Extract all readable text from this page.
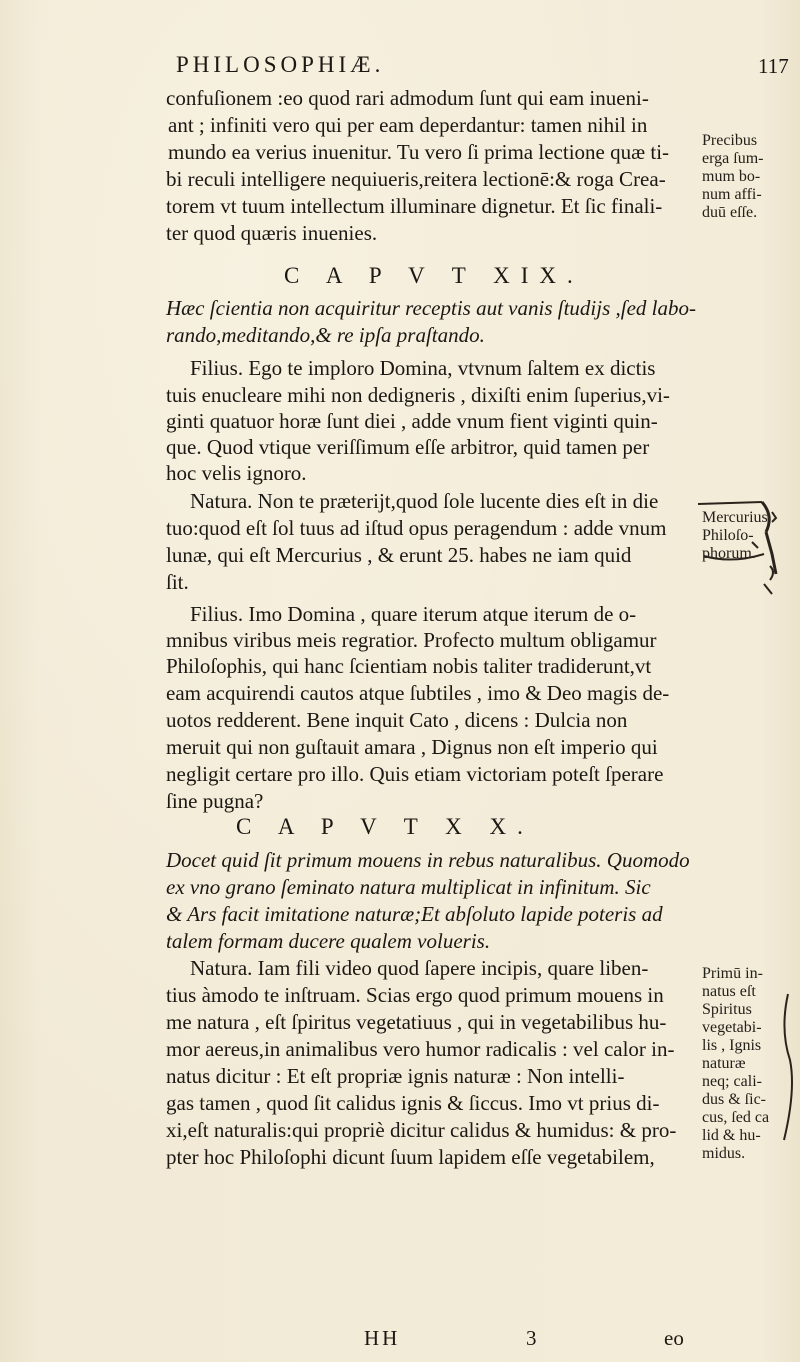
PHILOSOPHIÆ.	117
confuſionem :eo quod rari admodum ſunt qui eam inueni-
ant ; infiniti vero qui per eam deperdantur: tamen nihil in
mundo ea verius inuenitur. Tu vero ſi prima lectione quæ ti-
bi reculi intelligere nequiueris,reitera lectionē:& roga Crea-
torem vt tuum intellectum illuminare dignetur. Et ſic finali-
ter quod quæris inuenies.
C A P V T XIX.
Hæc ſcientia non acquiritur receptis aut vanis ſtudijs ,ſed labo-
rando,meditando,& re ipſa praſtando.
Filius. Ego te imploro Domina, vtvnum ſaltem ex dictis
tuis enucleare mihi non dedigneris , dixiſti enim ſuperius,vi-
ginti quatuor horæ ſunt diei , adde vnum fient viginti quin-
que. Quod vtique veriſſimum eſſe arbitror, quid tamen per
hoc velis ignoro.
Natura. Non te præterijt,quod ſole lucente dies eſt in die
tuo:quod eſt ſol tuus ad iſtud opus peragendum : adde vnum
lunæ, qui eſt Mercurius , & erunt 25. habes ne iam quid
ſit.
Filius. Imo Domina , quare iterum atque iterum de o-
mnibus viribus meis regratior. Profecto multum obligamur
Philoſophis, qui hanc ſcientiam nobis taliter tradiderunt,vt
eam acquirendi cautos atque ſubtiles , imo & Deo magis de-
uotos redderent. Bene inquit Cato , dicens : Dulcia non
meruit qui non guſtauit amara , Dignus non eſt imperio qui
negligit certare pro illo. Quis etiam victoriam poteſt ſperare
ſine pugna?
C A P V T X X.
Docet quid ſit primum mouens in rebus naturalibus. Quomodo
ex vno grano ſeminato natura multiplicat in infinitum. Sic
& Ars facit imitatione naturæ;Et abſoluto lapide poteris ad
talem formam ducere qualem volueris.
Natura. Iam fili video quod ſapere incipis, quare liben-
tius àmodo te inſtruam. Scias ergo quod primum mouens in
me natura , eſt ſpiritus vegetatiuus , qui in vegetabilibus hu-
mor aereus,in animalibus vero humor radicalis : vel calor in-
natus dicitur : Et eſt propriæ ignis naturæ : Non intelli-
gas tamen , quod ſit calidus ignis & ſiccus. Imo vt prius di-
xi,eſt naturalis:qui propriè dicitur calidus & humidus: & pro-
pter hoc Philoſophi dicunt ſuum lapidem eſſe vegetabilem,
Precibus
erga ſum-
mum bo-
num affi-
duū eſſe.
Mercurius
Philoſo-
phorum.
Primū in-
natus eſt
Spiritus
vegetabi-
lis , Ignis
naturæ
neq; cali-
dus & ſic-
cus, ſed ca
lid & hu-
midus.
HH	3	eo
